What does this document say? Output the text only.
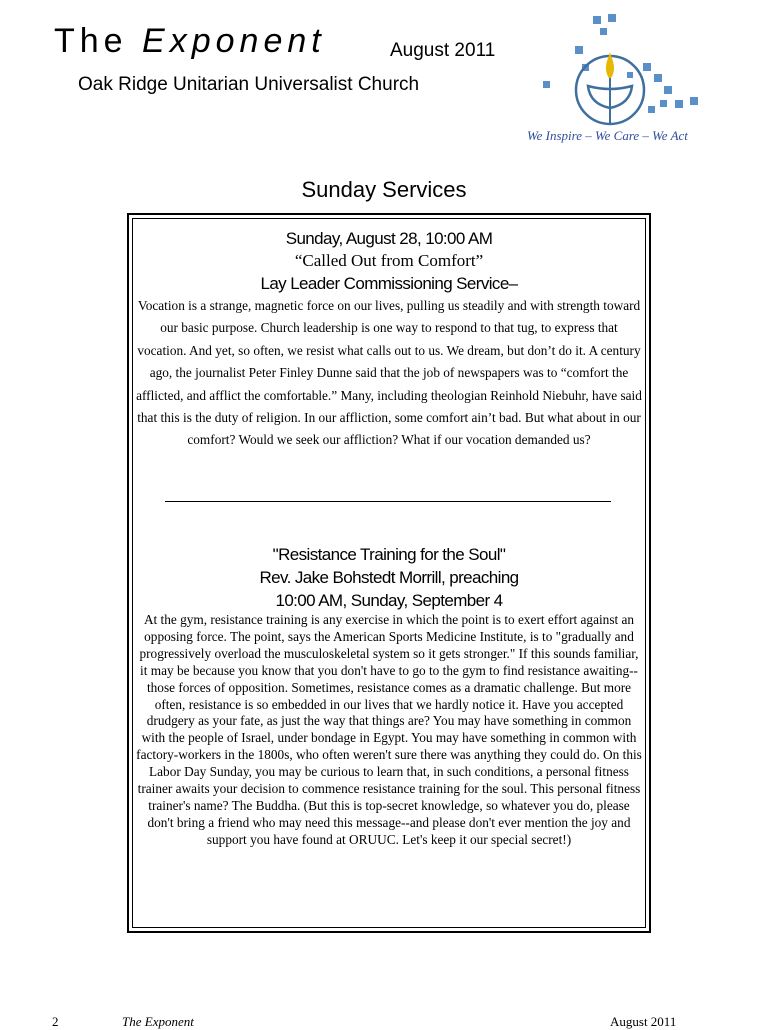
The Exponent	August 2011
Oak Ridge Unitarian Universalist Church
We Inspire – We Care – We Act
Sunday Services
Sunday, August 28, 10:00 AM
“Called Out from Comfort”
Lay Leader Commissioning Service–
Vocation is a strange, magnetic force on our lives, pulling us steadily and with strength toward our basic purpose. Church leadership is one way to respond to that tug, to express that vocation. And yet, so often, we resist what calls out to us. We dream, but don’t do it. A century ago, the journalist Peter Finley Dunne said that the job of newspapers was to “comfort the afflicted, and afflict the comfortable.” Many, including theologian Reinhold Niebuhr, have said that this is the duty of religion. In our affliction, some comfort ain’t bad. But what about in our comfort? Would we seek our affliction? What if our vocation demanded us?
"Resistance Training for the Soul"
Rev. Jake Bohstedt Morrill, preaching
10:00 AM, Sunday, September 4
At the gym, resistance training is any exercise in which the point is to exert effort against an opposing force. The point, says the American Sports Medicine Institute, is to "gradually and progressively overload the musculoskeletal system so it gets stronger." If this sounds familiar, it may be because you know that you don't have to go to the gym to find resistance awaiting--those forces of opposition. Sometimes, resistance comes as a dramatic challenge. But more often, resistance is so embedded in our lives that we hardly notice it. Have you accepted drudgery as your fate, as just the way that things are? You may have something in common with the people of Israel, under bondage in Egypt. You may have something in common with factory-workers in the 1800s, who often weren't sure there was anything they could do. On this Labor Day Sunday, you may be curious to learn that, in such conditions, a personal fitness trainer awaits your decision to commence resistance training for the soul. This personal fitness trainer's name? The Buddha. (But this is top-secret knowledge, so whatever you do, please don't bring a friend who may need this message--and please don't ever mention the joy and support you have found at ORUUC. Let's keep it our special secret!)
2	The Exponent	August 2011
